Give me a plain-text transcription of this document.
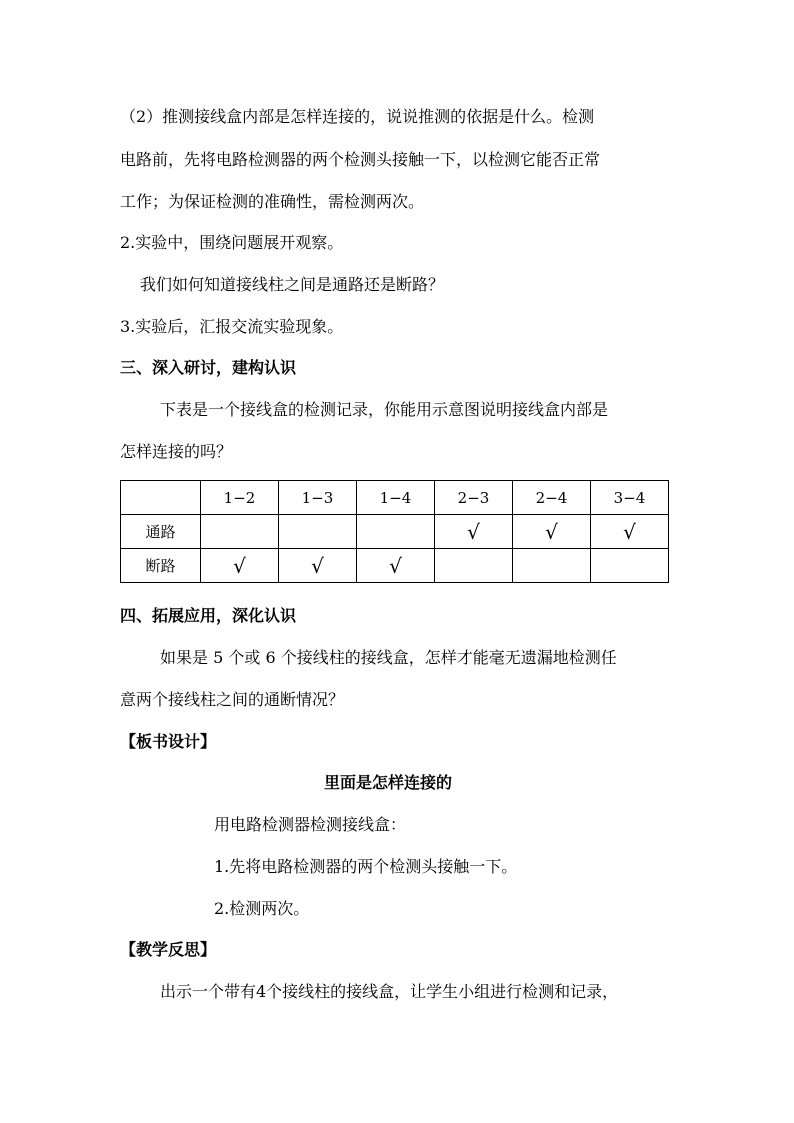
（2）推测接线盒内部是怎样连接的，说说推测的依据是什么。检测
电路前，先将电路检测器的两个检测头接触一下，以检测它能否正常
工作；为保证检测的准确性，需检测两次。
2.实验中，围绕问题展开观察。
我们如何知道接线柱之间是通路还是断路？
3.实验后，汇报交流实验现象。
三、深入研讨，建构认识
下表是一个接线盒的检测记录，你能用示意图说明接线盒内部是
怎样连接的吗？
	1−2	1−3	1−4	2−3	2−4	3−4
通路				√	√	√
断路	√	√	√			
四、拓展应用，深化认识
如果是 5 个或 6 个接线柱的接线盒，怎样才能毫无遗漏地检测任
意两个接线柱之间的通断情况？
【板书设计】
里面是怎样连接的
用电路检测器检测接线盒：
1.先将电路检测器的两个检测头接触一下。
2.检测两次。
【教学反思】
出示一个带有4个接线柱的接线盒，让学生小组进行检测和记录，
